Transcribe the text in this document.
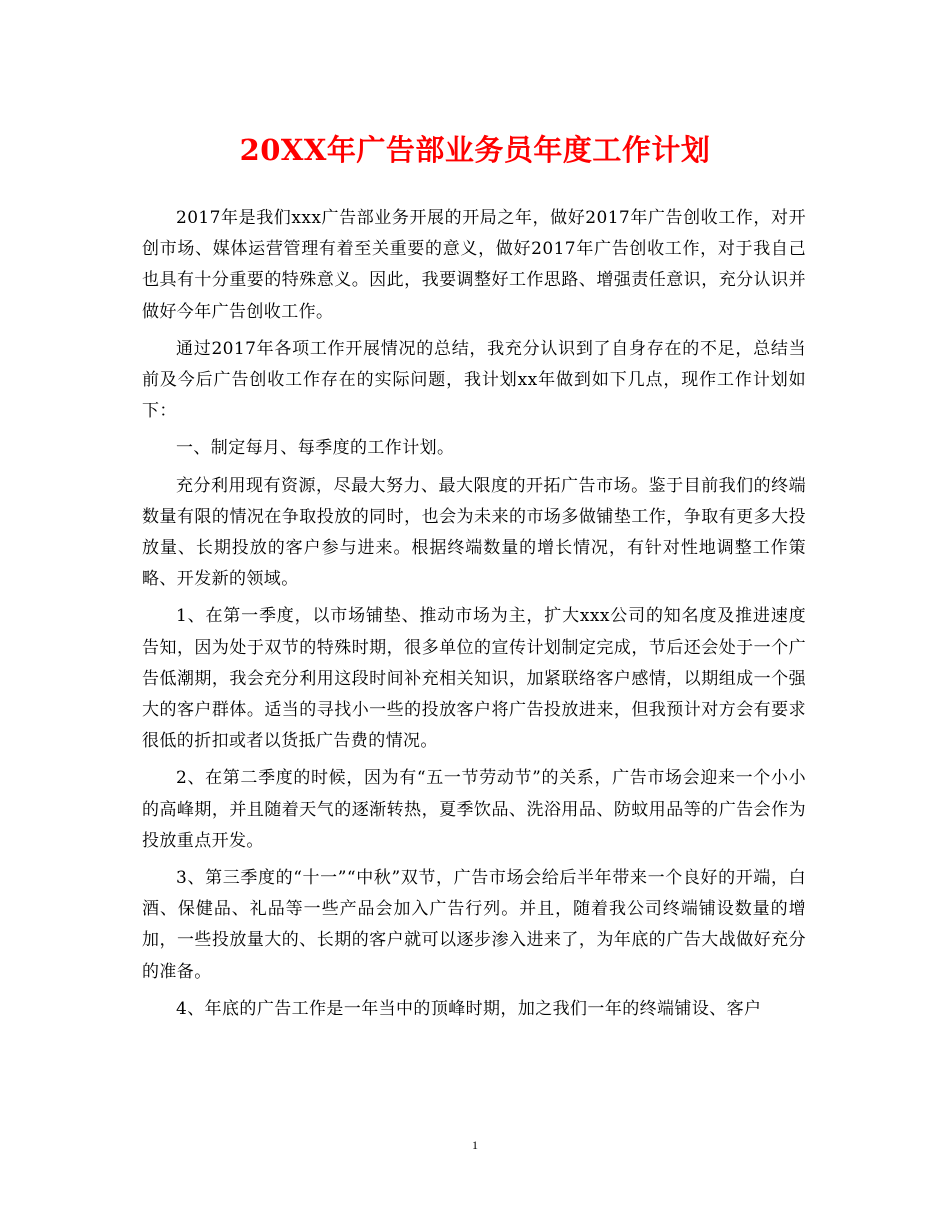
20XX年广告部业务员年度工作计划

2017年是我们xxx广告部业务开展的开局之年，做好2017年广告创收工作，对开创市场、媒体运营管理有着至关重要的意义，做好2017年广告创收工作，对于我自己也具有十分重要的特殊意义。因此，我要调整好工作思路、增强责任意识，充分认识并做好今年广告创收工作。

通过2017年各项工作开展情况的总结，我充分认识到了自身存在的不足，总结当前及今后广告创收工作存在的实际问题，我计划xx年做到如下几点，现作工作计划如下：

一、制定每月、每季度的工作计划。

充分利用现有资源，尽最大努力、最大限度的开拓广告市场。鉴于目前我们的终端数量有限的情况在争取投放的同时，也会为未来的市场多做铺垫工作，争取有更多大投放量、长期投放的客户参与进来。根据终端数量的增长情况，有针对性地调整工作策略、开发新的领域。

1、在第一季度，以市场铺垫、推动市场为主，扩大xxx公司的知名度及推进速度告知，因为处于双节的特殊时期，很多单位的宣传计划制定完成，节后还会处于一个广告低潮期，我会充分利用这段时间补充相关知识，加紧联络客户感情，以期组成一个强大的客户群体。适当的寻找小一些的投放客户将广告投放进来，但我预计对方会有要求很低的折扣或者以货抵广告费的情况。

2、在第二季度的时候，因为有“五一节劳动节”的关系，广告市场会迎来一个小小的高峰期，并且随着天气的逐渐转热，夏季饮品、洗浴用品、防蚊用品等的广告会作为投放重点开发。

3、第三季度的“十一”“中秋”双节，广告市场会给后半年带来一个良好的开端，白酒、保健品、礼品等一些产品会加入广告行列。并且，随着我公司终端铺设数量的增加，一些投放量大的、长期的客户就可以逐步渗入进来了，为年底的广告大战做好充分的准备。

4、年底的广告工作是一年当中的顶峰时期，加之我们一年的终端铺设、客户

1
